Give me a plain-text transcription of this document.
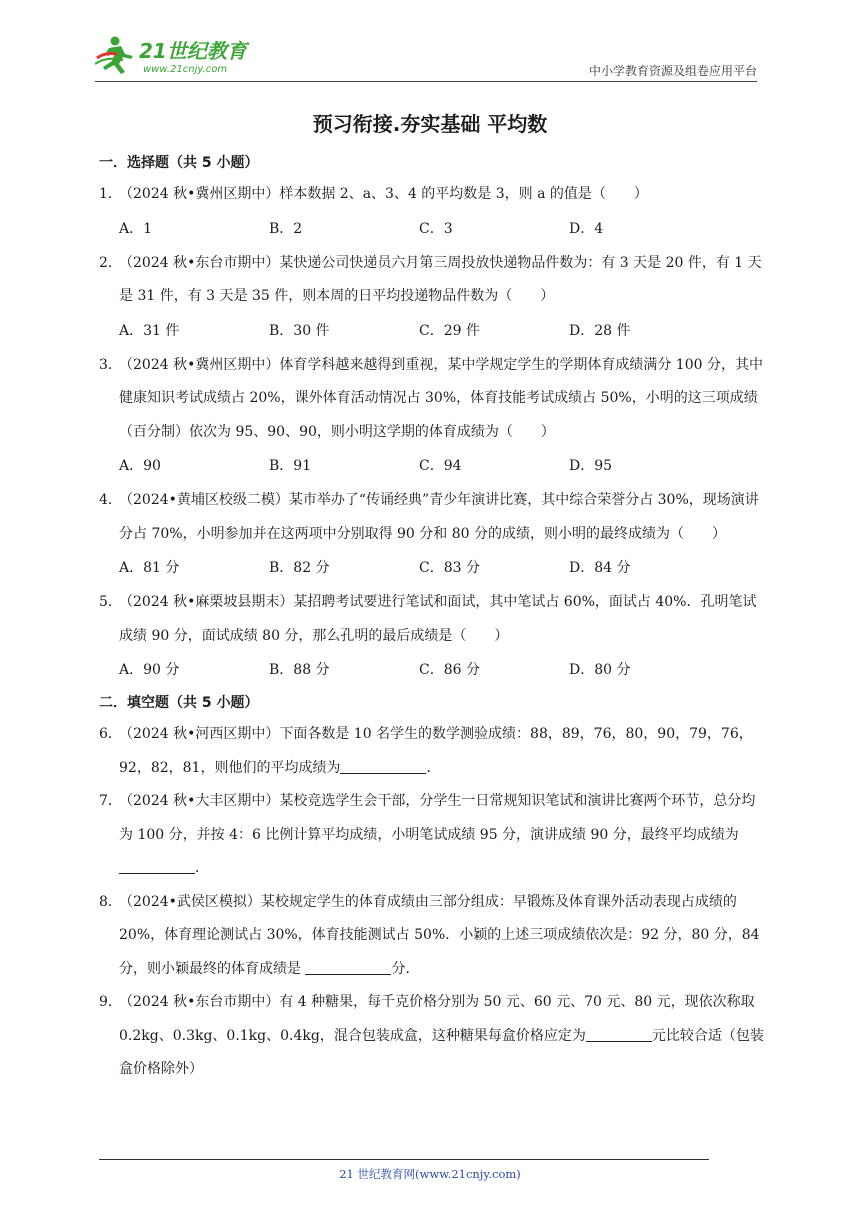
21世纪教育
www.21cnjy.com	中小学教育资源及组卷应用平台
预习衔接.夯实基础 平均数
一．选择题（共 5 小题）
1．
（2024 秋•冀州区期中）样本数据 2、a、3、4 的平均数是 3，则 a 的值是（　　）
A．1	B．2	C．3	D．4
2．
（2024 秋•东台市期中）某快递公司快递员六月第三周投放快递物品件数为：有 3 天是 20 件，有 1 天是 31 件，有 3 天是 35 件，则本周的日平均投递物品件数为（　　）
A．31 件	B．30 件	C．29 件	D．28 件
3．
（2024 秋•冀州区期中）体育学科越来越得到重视，某中学规定学生的学期体育成绩满分 100 分，其中健康知识考试成绩占 20%，课外体育活动情况占 30%，体育技能考试成绩占 50%，小明的这三项成绩（百分制）依次为 95、90、90，则小明这学期的体育成绩为（　　）
A．90	B．91	C．94	D．95
4．
（2024•黄埔区校级二模）某市举办了“传诵经典”青少年演讲比赛，其中综合荣誉分占 30%，现场演讲分占 70%，小明参加并在这两项中分别取得 90 分和 80 分的成绩，则小明的最终成绩为（　　）
A．81 分	B．82 分	C．83 分	D．84 分
5．
（2024 秋•麻栗坡县期末）某招聘考试要进行笔试和面试，其中笔试占 60%，面试占 40%．孔明笔试成绩 90 分，面试成绩 80 分，那么孔明的最后成绩是（　　）
A．90 分	B．88 分	C．86 分	D．80 分
二．填空题（共 5 小题）
6．
（2024 秋•河西区期中）下面各数是 10 名学生的数学测验成绩：88，89，76，80，90，79，76，92，82，81，则他们的平均成绩为	．
7．
（2024 秋•大丰区期中）某校竞选学生会干部，分学生一日常规知识笔试和演讲比赛两个环节，总分均为 100 分，并按 4：6 比例计算平均成绩，小明笔试成绩 95 分，演讲成绩 90 分，最终平均成绩为 ．
8．
（2024•武侯区模拟）某校规定学生的体育成绩由三部分组成：早锻炼及体育课外活动表现占成绩的 20%，体育理论测试占 30%，体育技能测试占 50%．小颖的上述三项成绩依次是：92 分，80 分，84 分，则小颖最终的体育成绩是	分．
9．
（2024 秋•东台市期中）有 4 种糖果，每千克价格分别为 50 元、60 元、70 元、80 元，现依次称取 0.2kg、0.3kg、0.1kg、0.4kg，混合包装成盒，这种糖果每盒价格应定为	元比较合适（包装盒价格除外）
21 世纪教育网(www.21cnjy.com)
